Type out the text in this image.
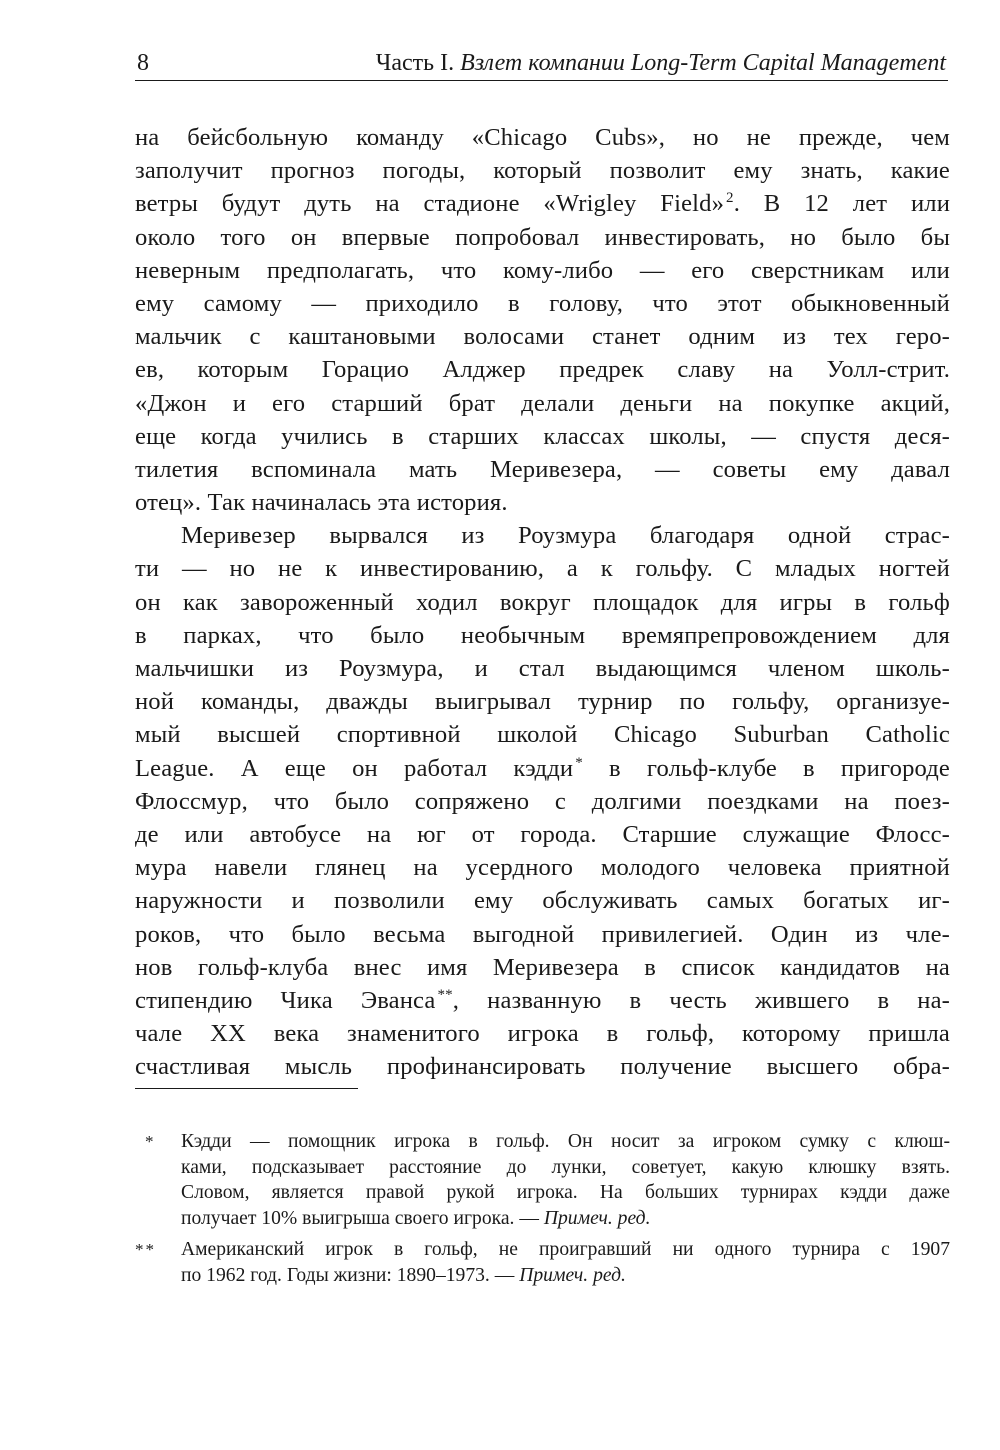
8	Часть I. Взлет компании Long-Term Capital Management
на бейсбольную команду «Chicago Cubs», но не прежде, чем
заполучит прогноз погоды, который позволит ему знать, какие
ветры будут дуть на стадионе «Wrigley Field» $^2$. В 12 лет или
около того он впервые попробовал инвестировать, но было бы
неверным предполагать, что кому-либо — его сверстникам или
ему самому — приходило в голову, что этот обыкновенный
мальчик с каштановыми волосами станет одним из тех геро-
ев, которым Горацио Алджер предрек славу на Уолл-стрит.
«Джон и его старший брат делали деньги на покупке акций,
еще когда учились в старших классах школы, — спустя деся-
тилетия вспоминала мать Меривезера, — советы ему давал
отец». Так начиналась эта история.
Меривезер вырвался из Роузмура благодаря одной страс-
ти — но не к инвестированию, а к гольфу. С младых ногтей
он как завороженный ходил вокруг площадок для игры в гольф
в парках, что было необычным времяпрепровождением для
мальчишки из Роузмура, и стал выдающимся членом школь-
ной команды, дважды выигрывал турнир по гольфу, организуе-
мый высшей спортивной школой Chicago Suburban Catholic
League. А еще он работал кэдди * в гольф-клубе в пригороде
Флоссмур, что было сопряжено с долгими поездками на поез-
де или автобусе на юг от города. Старшие служащие Флосс-
мура навели глянец на усердного молодого человека приятной
наружности и позволили ему обслуживать самых богатых иг-
роков, что было весьма выгодной привилегией. Один из чле-
нов гольф-клуба внес имя Меривезера в список кандидатов на
стипендию Чика Эванса **, названную в честь жившего в на-
чале XX века знаменитого игрока в гольф, которому пришла
счастливая мысль профинансировать получение высшего обра-
* Кэдди — помощник игрока в гольф. Он носит за игроком сумку с клюш-
ками, подсказывает расстояние до лунки, советует, какую клюшку взять.
Словом, является правой рукой игрока. На больших турнирах кэдди даже
получает 10% выигрыша своего игрока. — Примеч. ред.
** Американский игрок в гольф, не проигравший ни одного турнира с 1907
по 1962 год. Годы жизни: 1890–1973. — Примеч. ред.
